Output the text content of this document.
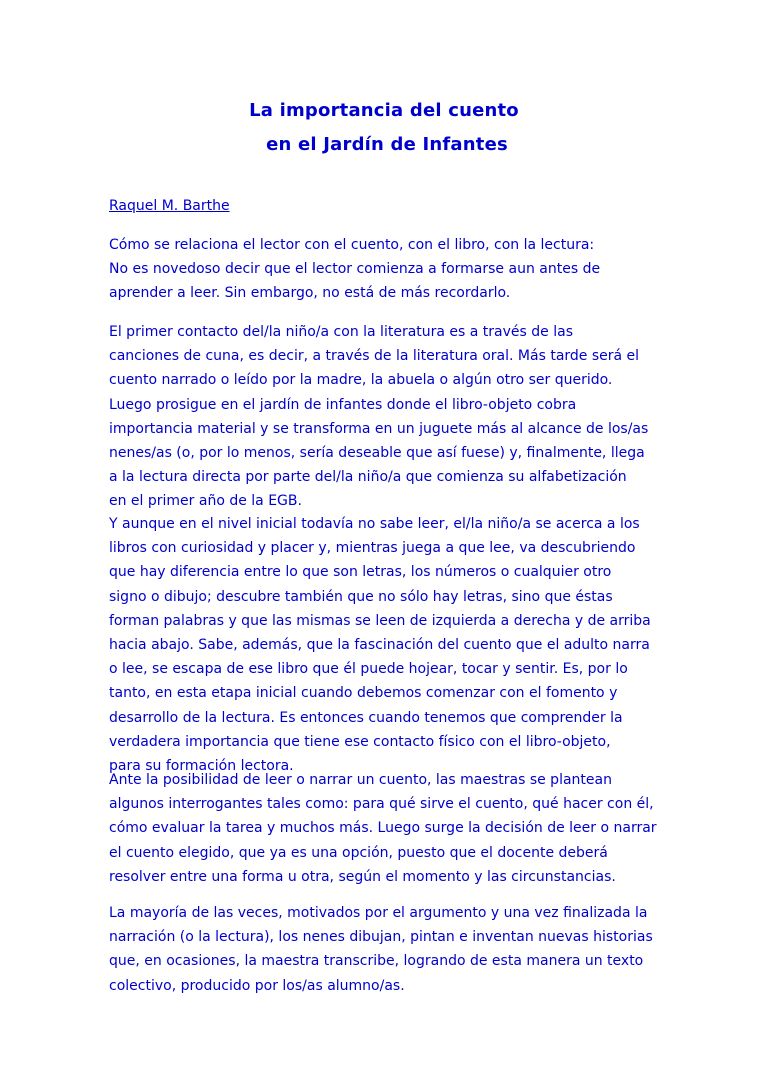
La importancia del cuento
en el Jardín de Infantes
Raquel M. Barthe

Cómo se relaciona el lector con el cuento, con el libro, con la lectura:
No es novedoso decir que el lector comienza a formarse aun antes de
aprender a leer. Sin embargo, no está de más recordarlo.

El primer contacto del/la niño/a con la literatura es a través de las
canciones de cuna, es decir, a través de la literatura oral. Más tarde será el
cuento narrado o leído por la madre, la abuela o algún otro ser querido.
Luego prosigue en el jardín de infantes donde el libro-objeto cobra
importancia material y se transforma en un juguete más al alcance de los/as
nenes/as (o, por lo menos, sería deseable que así fuese) y, finalmente, llega
a la lectura directa por parte del/la niño/a que comienza su alfabetización
en el primer año de la EGB.

Y aunque en el nivel inicial todavía no sabe leer, el/la niño/a se acerca a los
libros con curiosidad y placer y, mientras juega a que lee, va descubriendo
que hay diferencia entre lo que son letras, los números o cualquier otro
signo o dibujo; descubre también que no sólo hay letras, sino que éstas
forman palabras y que las mismas se leen de izquierda a derecha y de arriba
hacia abajo. Sabe, además, que la fascinación del cuento que el adulto narra
o lee, se escapa de ese libro que él puede hojear, tocar y sentir. Es, por lo
tanto, en esta etapa inicial cuando debemos comenzar con el fomento y
desarrollo de la lectura. Es entonces cuando tenemos que comprender la
verdadera importancia que tiene ese contacto físico con el libro-objeto,
para su formación lectora.

Ante la posibilidad de leer o narrar un cuento, las maestras se plantean
algunos interrogantes tales como: para qué sirve el cuento, qué hacer con él,
cómo evaluar la tarea y muchos más. Luego surge la decisión de leer o narrar
el cuento elegido, que ya es una opción, puesto que el docente deberá
resolver entre una forma u otra, según el momento y las circunstancias.

La mayoría de las veces, motivados por el argumento y una vez finalizada la
narración (o la lectura), los nenes dibujan, pintan e inventan nuevas historias
que, en ocasiones, la maestra transcribe, logrando de esta manera un texto
colectivo, producido por los/as alumno/as.
